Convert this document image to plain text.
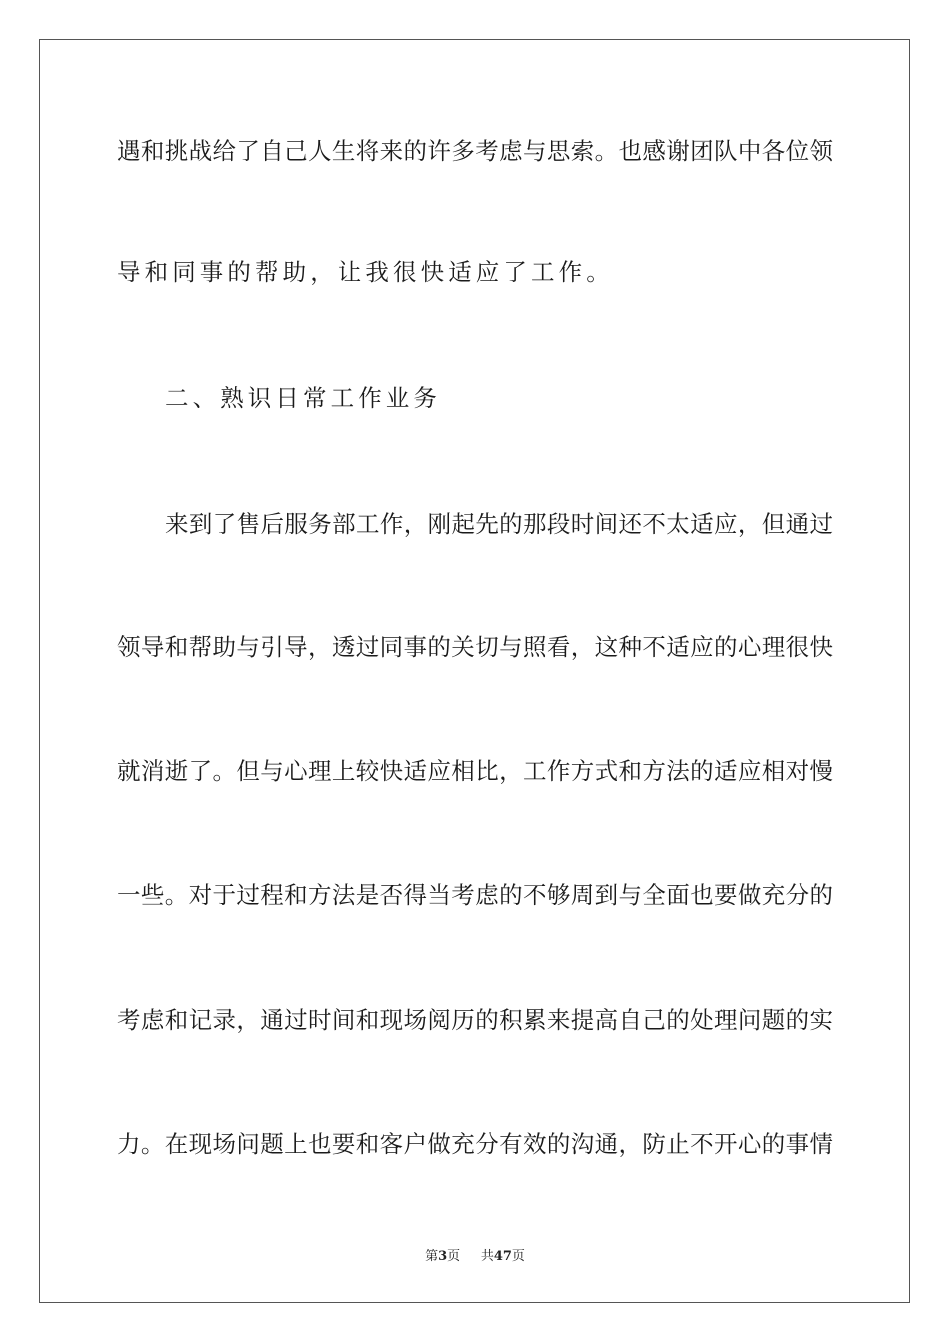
遇和挑战给了自己人生将来的许多考虑与思索。也感谢团队中各位领
导和同事的帮助，让我很快适应了工作。
二、熟识日常工作业务
来到了售后服务部工作，刚起先的那段时间还不太适应，但通过
领导和帮助与引导，透过同事的关切与照看，这种不适应的心理很快
就消逝了。但与心理上较快适应相比，工作方式和方法的适应相对慢
一些。对于过程和方法是否得当考虑的不够周到与全面也要做充分的
考虑和记录，通过时间和现场阅历的积累来提高自己的处理问题的实
力。在现场问题上也要和客户做充分有效的沟通，防止不开心的事情
第3页 共47页
